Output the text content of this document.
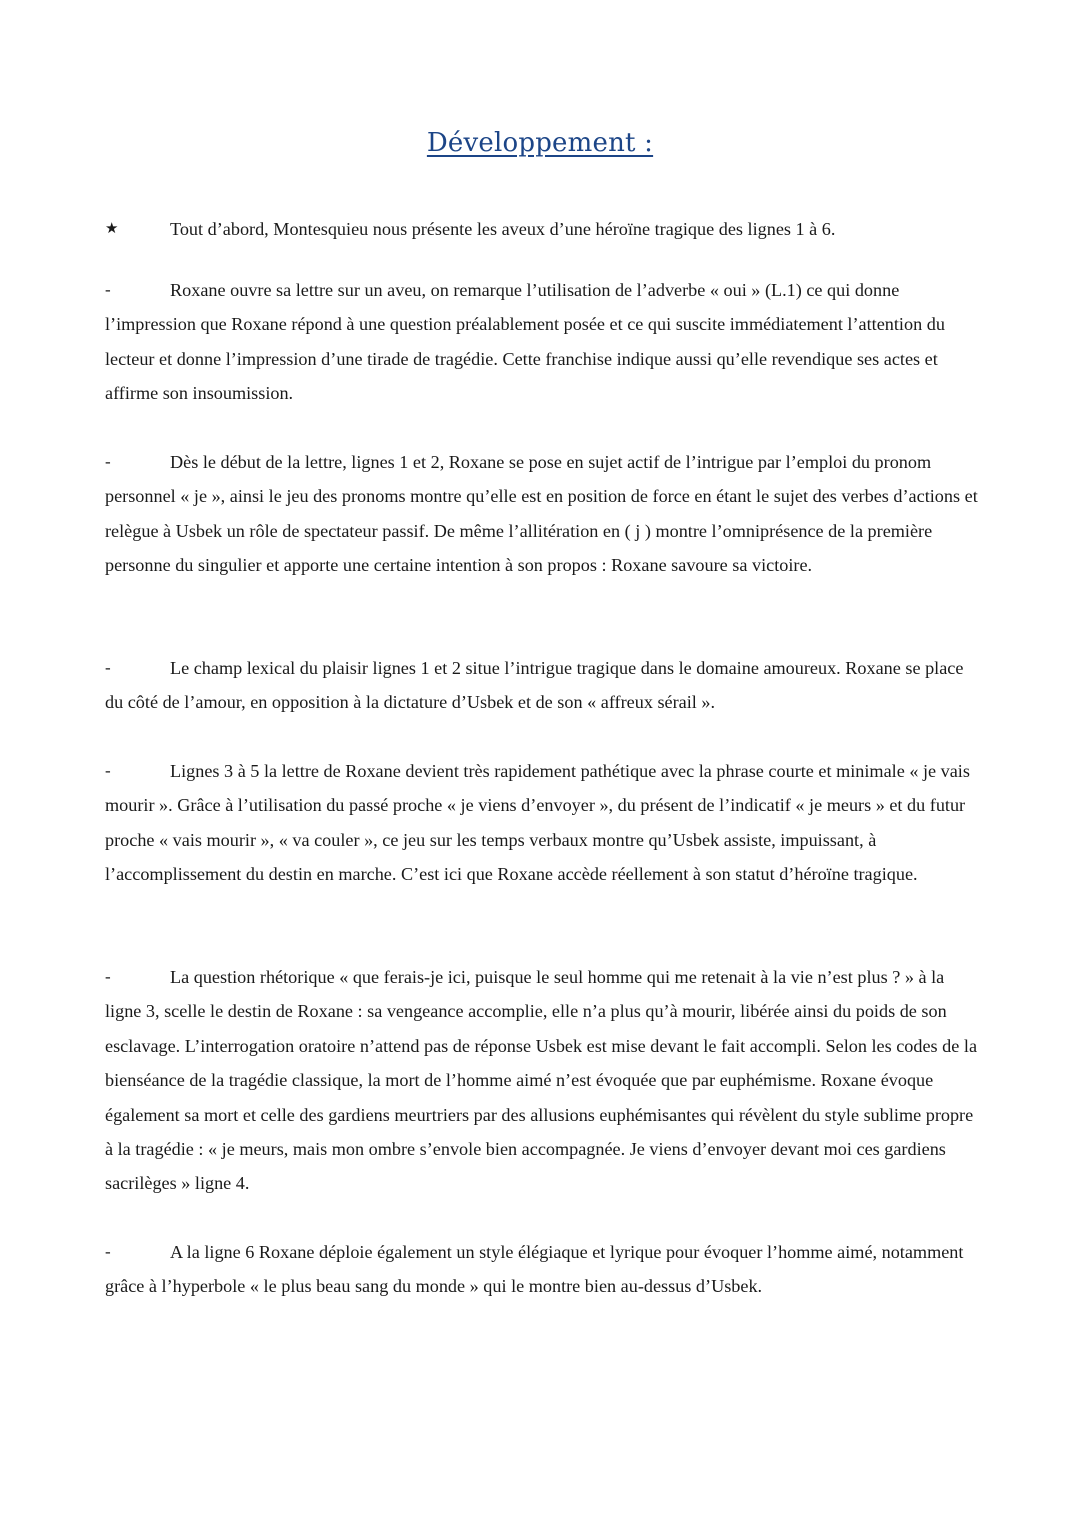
Développement :
★	Tout d’abord, Montesquieu nous présente les aveux d’une héroïne tragique des lignes 1 à 6.

-	Roxane ouvre sa lettre sur un aveu, on remarque l’utilisation de l’adverbe « oui » (L.1) ce qui donne l’impression que Roxane répond à une question préalablement posée et ce qui suscite immédiatement l’attention du lecteur et donne l’impression d’une tirade de tragédie. Cette franchise indique aussi qu’elle revendique ses actes et affirme son insoumission.

-	Dès le début de la lettre, lignes 1 et 2, Roxane se pose en sujet actif de l’intrigue par l’emploi du pronom personnel « je », ainsi le jeu des pronoms montre qu’elle est en position de force en étant le sujet des verbes d’actions et relègue à Usbek un rôle de spectateur passif. De même l’allitération en ( j ) montre l’omniprésence de la première personne du singulier et apporte une certaine intention à son propos : Roxane savoure sa victoire.

-	Le champ lexical du plaisir lignes 1 et 2 situe l’intrigue tragique dans le domaine amoureux. Roxane se place du côté de l’amour, en opposition à la dictature d’Usbek et de son « affreux sérail ».

-	Lignes 3 à 5 la lettre de Roxane devient très rapidement pathétique avec la phrase courte et minimale « je vais mourir ». Grâce à l’utilisation du passé proche « je viens d’envoyer », du présent de l’indicatif « je meurs » et du futur proche « vais mourir », « va couler », ce jeu sur les temps verbaux montre qu’Usbek assiste, impuissant, à l’accomplissement du destin en marche. C’est ici que Roxane accède réellement à son statut d’héroïne tragique.

-	La question rhétorique « que ferais-je ici, puisque le seul homme qui me retenait à la vie n’est plus ? » à la ligne 3, scelle le destin de Roxane : sa vengeance accomplie, elle n’a plus qu’à mourir, libérée ainsi du poids de son esclavage. L’interrogation oratoire n’attend pas de réponse Usbek est mise devant le fait accompli. Selon les codes de la bienséance de la tragédie classique, la mort de l’homme aimé n’est évoquée que par euphémisme. Roxane évoque également sa mort et celle des gardiens meurtriers par des allusions euphémisantes qui révèlent du style sublime propre à la tragédie : « je meurs, mais mon ombre s’envole bien accompagnée. Je viens d’envoyer devant moi ces gardiens sacrilèges » ligne 4.

-	A la ligne 6 Roxane déploie également un style élégiaque et lyrique pour évoquer l’homme aimé, notamment grâce à l’hyperbole « le plus beau sang du monde » qui le montre bien au-dessus d’Usbek.
